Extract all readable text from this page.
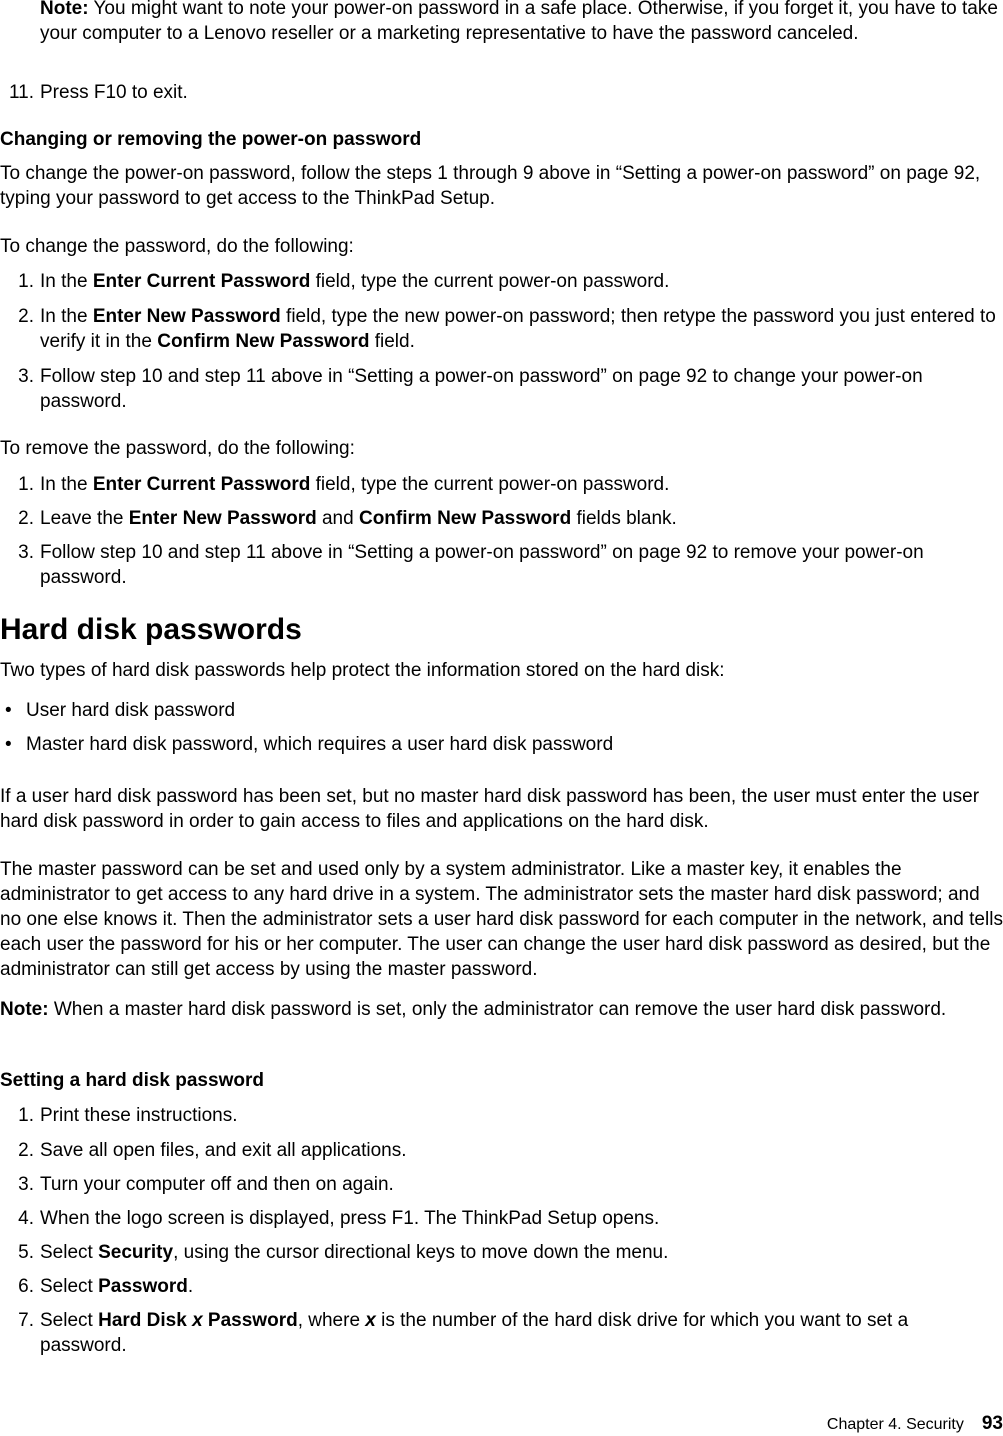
Note: You might want to note your power-on password in a safe place. Otherwise, if you forget it, you have to take your computer to a Lenovo reseller or a marketing representative to have the password canceled.

11. Press F10 to exit.

Changing or removing the power-on password

To change the power-on password, follow the steps 1 through 9 above in “Setting a power-on password” on page 92, typing your password to get access to the ThinkPad Setup.

To change the password, do the following:

1. In the Enter Current Password field, type the current power-on password.

2. In the Enter New Password field, type the new power-on password; then retype the password you just entered to verify it in the Confirm New Password field.

3. Follow step 10 and step 11 above in “Setting a power-on password” on page 92 to change your power-on password.

To remove the password, do the following:

1. In the Enter Current Password field, type the current power-on password.

2. Leave the Enter New Password and Confirm New Password fields blank.

3. Follow step 10 and step 11 above in “Setting a power-on password” on page 92 to remove your power-on password.

Hard disk passwords

Two types of hard disk passwords help protect the information stored on the hard disk:

• User hard disk password

• Master hard disk password, which requires a user hard disk password

If a user hard disk password has been set, but no master hard disk password has been, the user must enter the user hard disk password in order to gain access to files and applications on the hard disk.

The master password can be set and used only by a system administrator. Like a master key, it enables the administrator to get access to any hard drive in a system. The administrator sets the master hard disk password; and no one else knows it. Then the administrator sets a user hard disk password for each computer in the network, and tells each user the password for his or her computer. The user can change the user hard disk password as desired, but the administrator can still get access by using the master password.

Note: When a master hard disk password is set, only the administrator can remove the user hard disk password.

Setting a hard disk password
1. Print these instructions.

2. Save all open files, and exit all applications.

3. Turn your computer off and then on again.

4. When the logo screen is displayed, press F1. The ThinkPad Setup opens.

5. Select Security, using the cursor directional keys to move down the menu.

6. Select Password.

7. Select Hard Disk x Password, where x is the number of the hard disk drive for which you want to set a password.

Chapter 4. Security 93
